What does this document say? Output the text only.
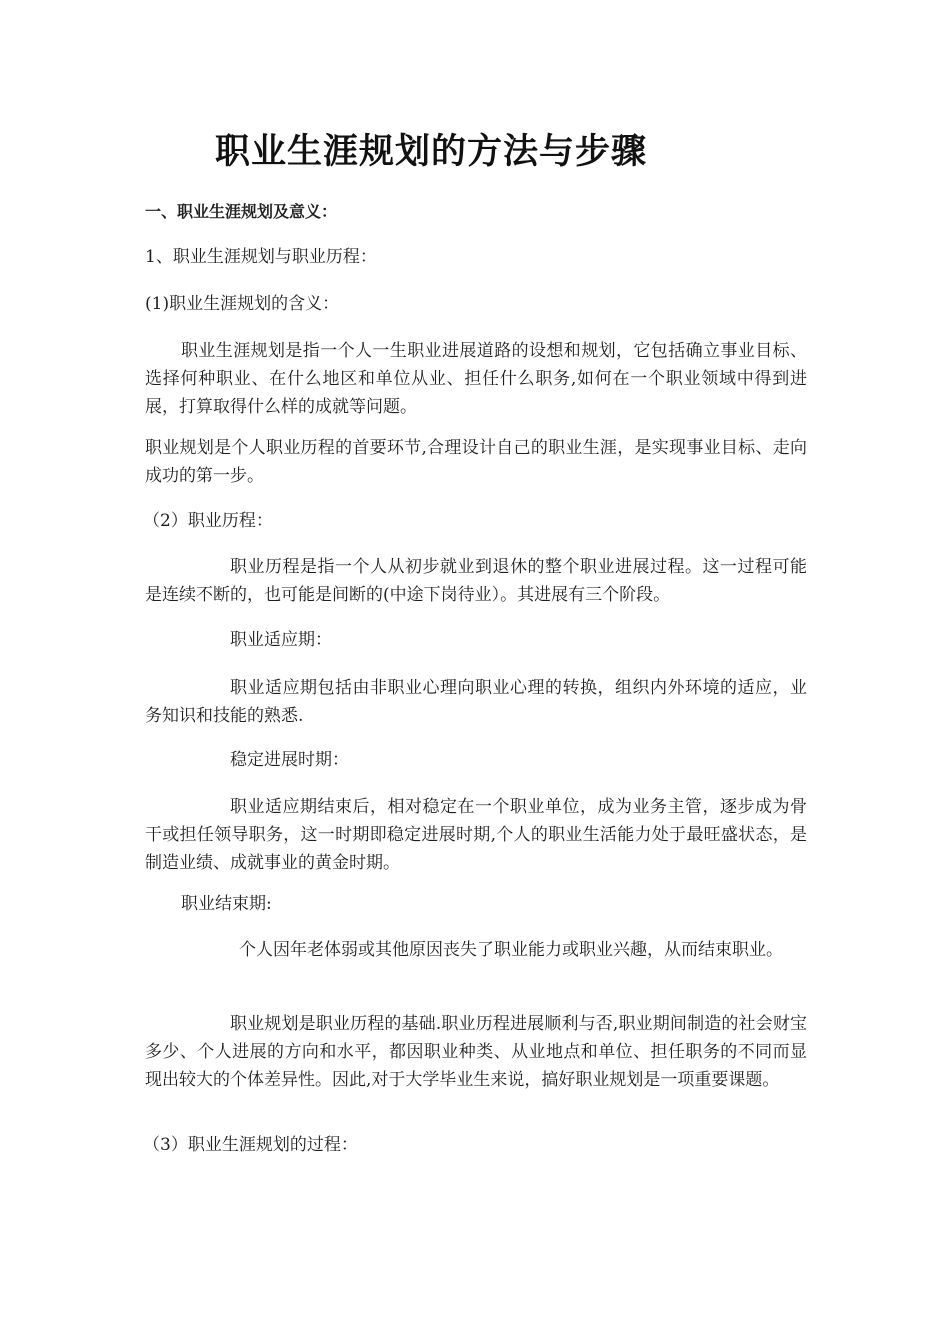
职业生涯规划的方法与步骤

一、职业生涯规划及意义：

1、职业生涯规划与职业历程：

(1)职业生涯规划的含义：

职业生涯规划是指一个人一生职业进展道路的设想和规划，它包括确立事业目标、选择何种职业、在什么地区和单位从业、担任什么职务,如何在一个职业领域中得到进展，打算取得什么样的成就等问题。

职业规划是个人职业历程的首要环节,合理设计自己的职业生涯，是实现事业目标、走向成功的第一步。

（2）职业历程：

职业历程是指一个人从初步就业到退休的整个职业进展过程。这一过程可能是连续不断的，也可能是间断的(中途下岗待业）。其进展有三个阶段。

职业适应期：

职业适应期包括由非职业心理向职业心理的转换，组织内外环境的适应，业务知识和技能的熟悉.

稳定进展时期：

职业适应期结束后，相对稳定在一个职业单位，成为业务主管，逐步成为骨干或担任领导职务，这一时期即稳定进展时期,个人的职业生活能力处于最旺盛状态，是制造业绩、成就事业的黄金时期。

职业结束期:

个人因年老体弱或其他原因丧失了职业能力或职业兴趣，从而结束职业。

职业规划是职业历程的基础.职业历程进展顺利与否,职业期间制造的社会财宝多少、个人进展的方向和水平，都因职业种类、从业地点和单位、担任职务的不同而显现出较大的个体差异性。因此,对于大学毕业生来说，搞好职业规划是一项重要课题。

（3）职业生涯规划的过程：
